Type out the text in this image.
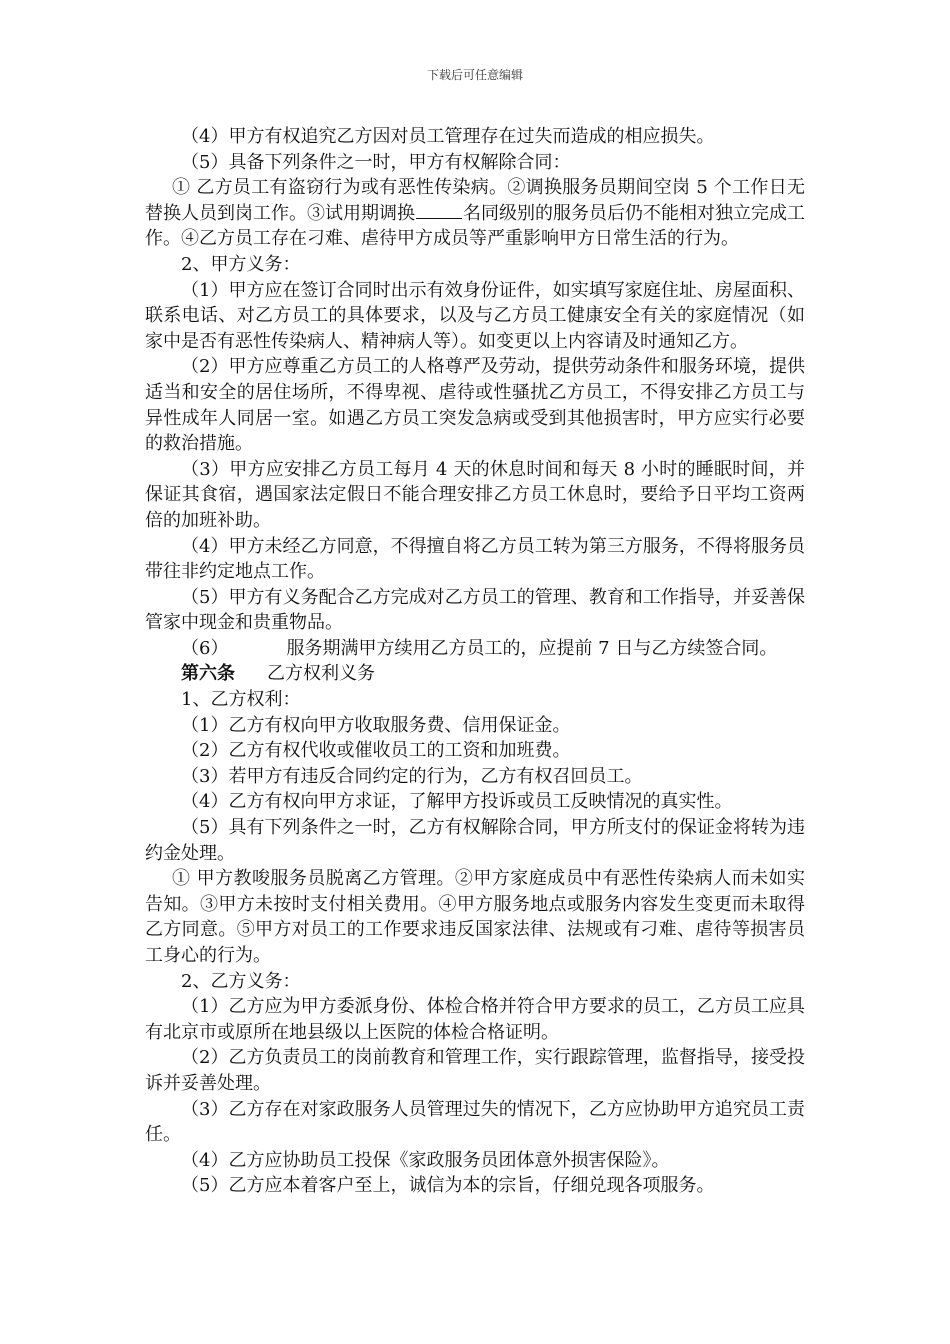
下载后可任意编辑

（4）甲方有权追究乙方因对员工管理存在过失而造成的相应损失。

（5）具备下列条件之一时，甲方有权解除合同：

① 乙方员工有盗窃行为或有恶性传染病。②调换服务员期间空岗 5 个工作日无替换人员到岗工作。③试用期调换	名同级别的服务员后仍不能相对独立完成工作。④乙方员工存在刁难、虐待甲方成员等严重影响甲方日常生活的行为。

2、甲方义务：

（1）甲方应在签订合同时出示有效身份证件，如实填写家庭住址、房屋面积、联系电话、对乙方员工的具体要求，以及与乙方员工健康安全有关的家庭情况（如家中是否有恶性传染病人、精神病人等）。如变更以上内容请及时通知乙方。

（2）甲方应尊重乙方员工的人格尊严及劳动，提供劳动条件和服务环境，提供适当和安全的居住场所，不得卑视、虐待或性骚扰乙方员工，不得安排乙方员工与异性成年人同居一室。如遇乙方员工突发急病或受到其他损害时，甲方应实行必要的救治措施。

（3）甲方应安排乙方员工每月 4 天的休息时间和每天 8 小时的睡眠时间，并保证其食宿，遇国家法定假日不能合理安排乙方员工休息时，要给予日平均工资两倍的加班补助。

（4）甲方未经乙方同意，不得擅自将乙方员工转为第三方服务，不得将服务员带往非约定地点工作。

（5）甲方有义务配合乙方完成对乙方员工的管理、教育和工作指导，并妥善保管家中现金和贵重物品。

（6）	服务期满甲方续用乙方员工的，应提前 7 日与乙方续签合同。

第六条 乙方权利义务

1、乙方权利：

（1）乙方有权向甲方收取服务费、信用保证金。

（2）乙方有权代收或催收员工的工资和加班费。

（3）若甲方有违反合同约定的行为，乙方有权召回员工。

（4）乙方有权向甲方求证，了解甲方投诉或员工反映情况的真实性。

（5）具有下列条件之一时，乙方有权解除合同，甲方所支付的保证金将转为违约金处理。

① 甲方教唆服务员脱离乙方管理。②甲方家庭成员中有恶性传染病人而未如实告知。③甲方未按时支付相关费用。④甲方服务地点或服务内容发生变更而未取得乙方同意。⑤甲方对员工的工作要求违反国家法律、法规或有刁难、虐待等损害员工身心的行为。

2、乙方义务：

（1）乙方应为甲方委派身份、体检合格并符合甲方要求的员工，乙方员工应具有北京市或原所在地县级以上医院的体检合格证明。

（2）乙方负责员工的岗前教育和管理工作，实行跟踪管理，监督指导，接受投诉并妥善处理。

（3）乙方存在对家政服务人员管理过失的情况下，乙方应协助甲方追究员工责任。

（4）乙方应协助员工投保《家政服务员团体意外损害保险》。

（5）乙方应本着客户至上，诚信为本的宗旨，仔细兑现各项服务。
